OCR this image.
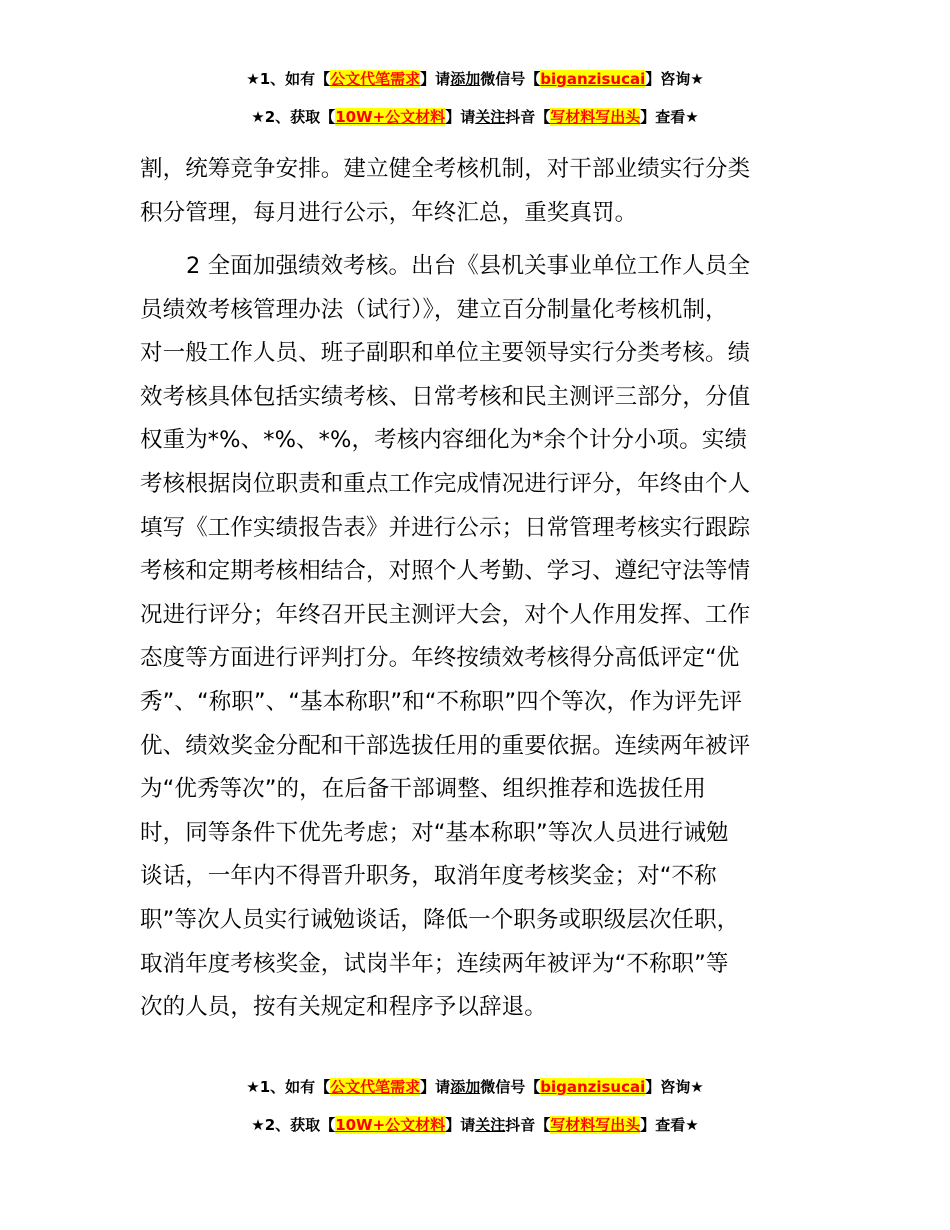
★1、如有【公文代笔需求】请添加微信号【biganzisucai】咨询★
★2、获取【10W+公文材料】请关注抖音【写材料写出头】查看★
割，统筹竞争安排。建立健全考核机制，对干部业绩实行分类
积分管理，每月进行公示，年终汇总，重奖真罚。
2 全面加强绩效考核。出台《县机关事业单位工作人员全
员绩效考核管理办法（试行）》，建立百分制量化考核机制，
对一般工作人员、班子副职和单位主要领导实行分类考核。绩
效考核具体包括实绩考核、日常考核和民主测评三部分，分值
权重为*%、*%、*%，考核内容细化为*余个计分小项。实绩
考核根据岗位职责和重点工作完成情况进行评分，年终由个人
填写《工作实绩报告表》并进行公示；日常管理考核实行跟踪
考核和定期考核相结合，对照个人考勤、学习、遵纪守法等情
况进行评分；年终召开民主测评大会，对个人作用发挥、工作
态度等方面进行评判打分。年终按绩效考核得分高低评定“优
秀”、“称职”、“基本称职”和“不称职”四个等次，作为评先评
优、绩效奖金分配和干部选拔任用的重要依据。连续两年被评
为“优秀等次”的，在后备干部调整、组织推荐和选拔任用
时，同等条件下优先考虑；对“基本称职”等次人员进行诫勉
谈话，一年内不得晋升职务，取消年度考核奖金；对“不称
职”等次人员实行诫勉谈话，降低一个职务或职级层次任职，
取消年度考核奖金，试岗半年；连续两年被评为“不称职”等
次的人员，按有关规定和程序予以辞退。
★1、如有【公文代笔需求】请添加微信号【biganzisucai】咨询★
★2、获取【10W+公文材料】请关注抖音【写材料写出头】查看★
